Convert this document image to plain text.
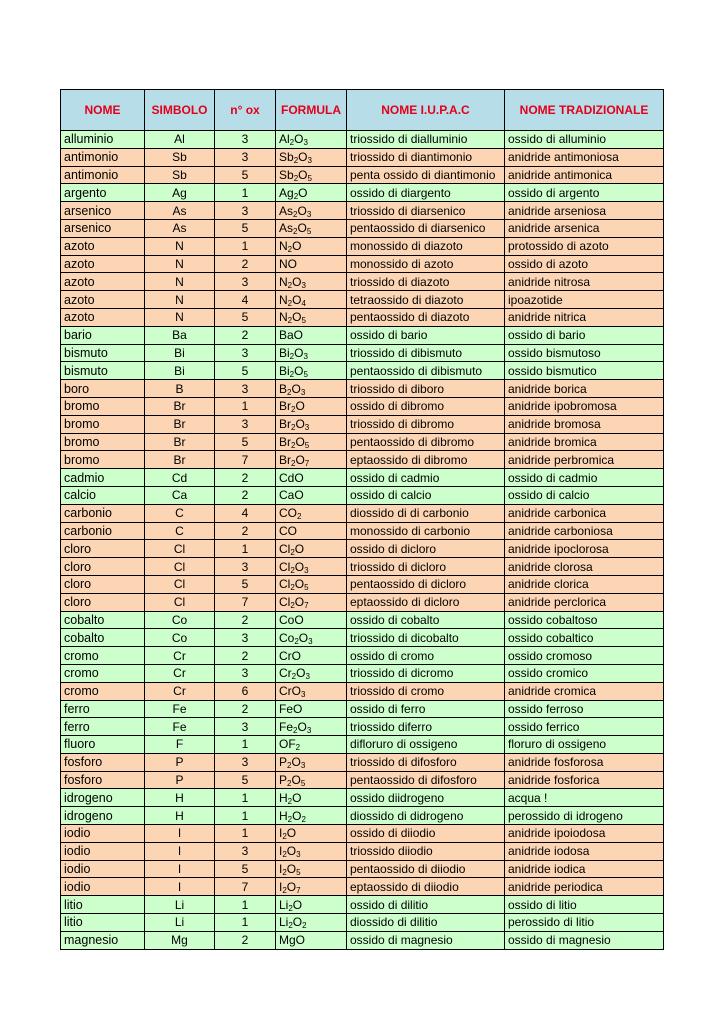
NOME	SIMBOLO	n° ox	FORMULA	NOME I.U.P.A.C	NOME TRADIZIONALE
alluminio	Al	3	$Al_2O_3$	triossido di dialluminio	ossido di alluminio
antimonio	Sb	3	$Sb_2O_3$	triossido di diantimonio	anidride antimoniosa
antimonio	Sb	5	$Sb_2O_5$	penta ossido di diantimonio	anidride antimonica
argento	Ag	1	$Ag_2O$	ossido di diargento	ossido di argento
arsenico	As	3	$As_2O_3$	triossido di diarsenico	anidride arseniosa
arsenico	As	5	$As_2O_5$	pentaossido di diarsenico	anidride arsenica
azoto	N	1	$N_2O$	monossido di diazoto	protossido di azoto
azoto	N	2	NO	monossido di azoto	ossido di azoto
azoto	N	3	$N_2O_3$	triossido di diazoto	anidride nitrosa
azoto	N	4	$N_2O_4$	tetraossido di diazoto	ipoazotide
azoto	N	5	$N_2O_5$	pentaossido di diazoto	anidride nitrica
bario	Ba	2	BaO	ossido di bario	ossido di bario
bismuto	Bi	3	$Bi_2O_3$	triossido di dibismuto	ossido bismutoso
bismuto	Bi	5	$Bi_2O_5$	pentaossido di dibismuto	ossido bismutico
boro	B	3	$B_2O_3$	triossido di diboro	anidride borica
bromo	Br	1	$Br_2O$	ossido di dibromo	anidride ipobromosa
bromo	Br	3	$Br_2O_3$	triossido di dibromo	anidride bromosa
bromo	Br	5	$Br_2O_5$	pentaossido di dibromo	anidride bromica
bromo	Br	7	$Br_2O_7$	eptaossido di dibromo	anidride perbromica
cadmio	Cd	2	CdO	ossido di cadmio	ossido di cadmio
calcio	Ca	2	CaO	ossido di calcio	ossido di calcio
carbonio	C	4	$CO_2$	diossido di di carbonio	anidride carbonica
carbonio	C	2	CO	monossido di carbonio	anidride carboniosa
cloro	Cl	1	$Cl_2O$	ossido di dicloro	anidride ipoclorosa
cloro	Cl	3	$Cl_2O_3$	triossido di dicloro	anidride clorosa
cloro	Cl	5	$Cl_2O_5$	pentaossido di dicloro	anidride clorica
cloro	Cl	7	$Cl_2O_7$	eptaossido di dicloro	anidride perclorica
cobalto	Co	2	CoO	ossido di cobalto	ossido cobaltoso
cobalto	Co	3	$Co_2O_3$	triossido di dicobalto	ossido cobaltico
cromo	Cr	2	CrO	ossido di cromo	ossido cromoso
cromo	Cr	3	$Cr_2O_3$	triossido di dicromo	ossido cromico
cromo	Cr	6	CrO$_3$	triossido di cromo	anidride cromica
ferro	Fe	2	FeO	ossido di ferro	ossido ferroso
ferro	Fe	3	$Fe_2O_3$	triossido diferro	ossido ferrico
fluoro	F	1	$OF_2$	difloruro di ossigeno	floruro di ossigeno
fosforo	P	3	$P_2O_3$	triossido di difosforo	anidride fosforosa
fosforo	P	5	$P_2O_5$	pentaossido di difosforo	anidride fosforica
idrogeno	H	1	$H_2O$	ossido diidrogeno	acqua !
idrogeno	H	1	$H_2O_2$	diossido di didrogeno	perossido di idrogeno
iodio	I	1	$I_2O$	ossido di diiodio	anidride ipoiodosa
iodio	I	3	$I_2O_3$	triossido diiodio	anidride iodosa
iodio	I	5	$I_2O_5$	pentaossido di diiodio	anidride iodica
iodio	I	7	$I_2O_7$	eptaossido di diiodio	anidride periodica
litio	Li	1	$Li_2O$	ossido di dilitio	ossido di litio
litio	Li	1	$Li_2O_2$	diossido di dilitio	perossido di litio
magnesio	Mg	2	MgO	ossido di magnesio	ossido di magnesio
